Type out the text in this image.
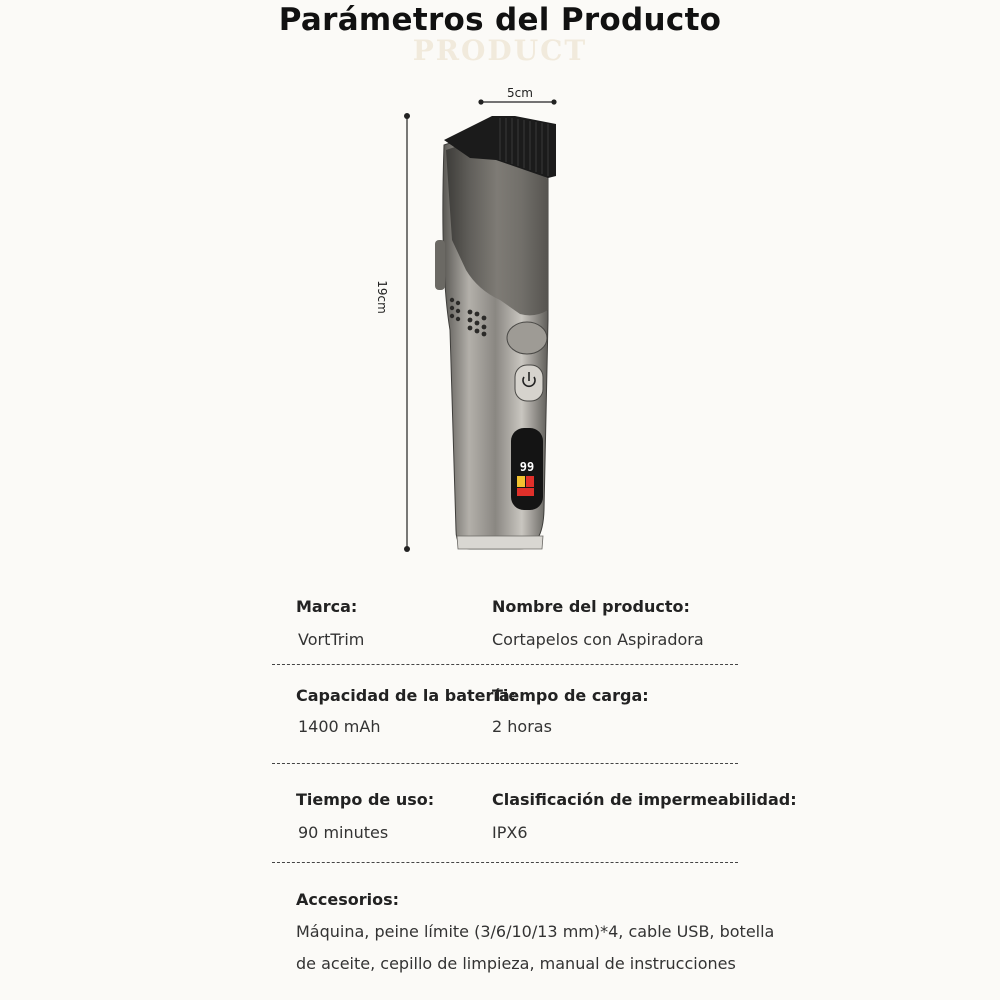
Parámetros del Producto
PRODUCT
5cm
19cm
99
Marca:
VortTrim
Nombre del producto:
Cortapelos con Aspiradora
Capacidad de la batería:
1400 mAh
Tiempo de carga:
2 horas
Tiempo de uso:
90 minutes
Clasificación de impermeabilidad:
IPX6
Accesorios:
Máquina, peine límite (3/6/10/13 mm)*4, cable USB, botella de aceite, cepillo de limpieza, manual de instrucciones
